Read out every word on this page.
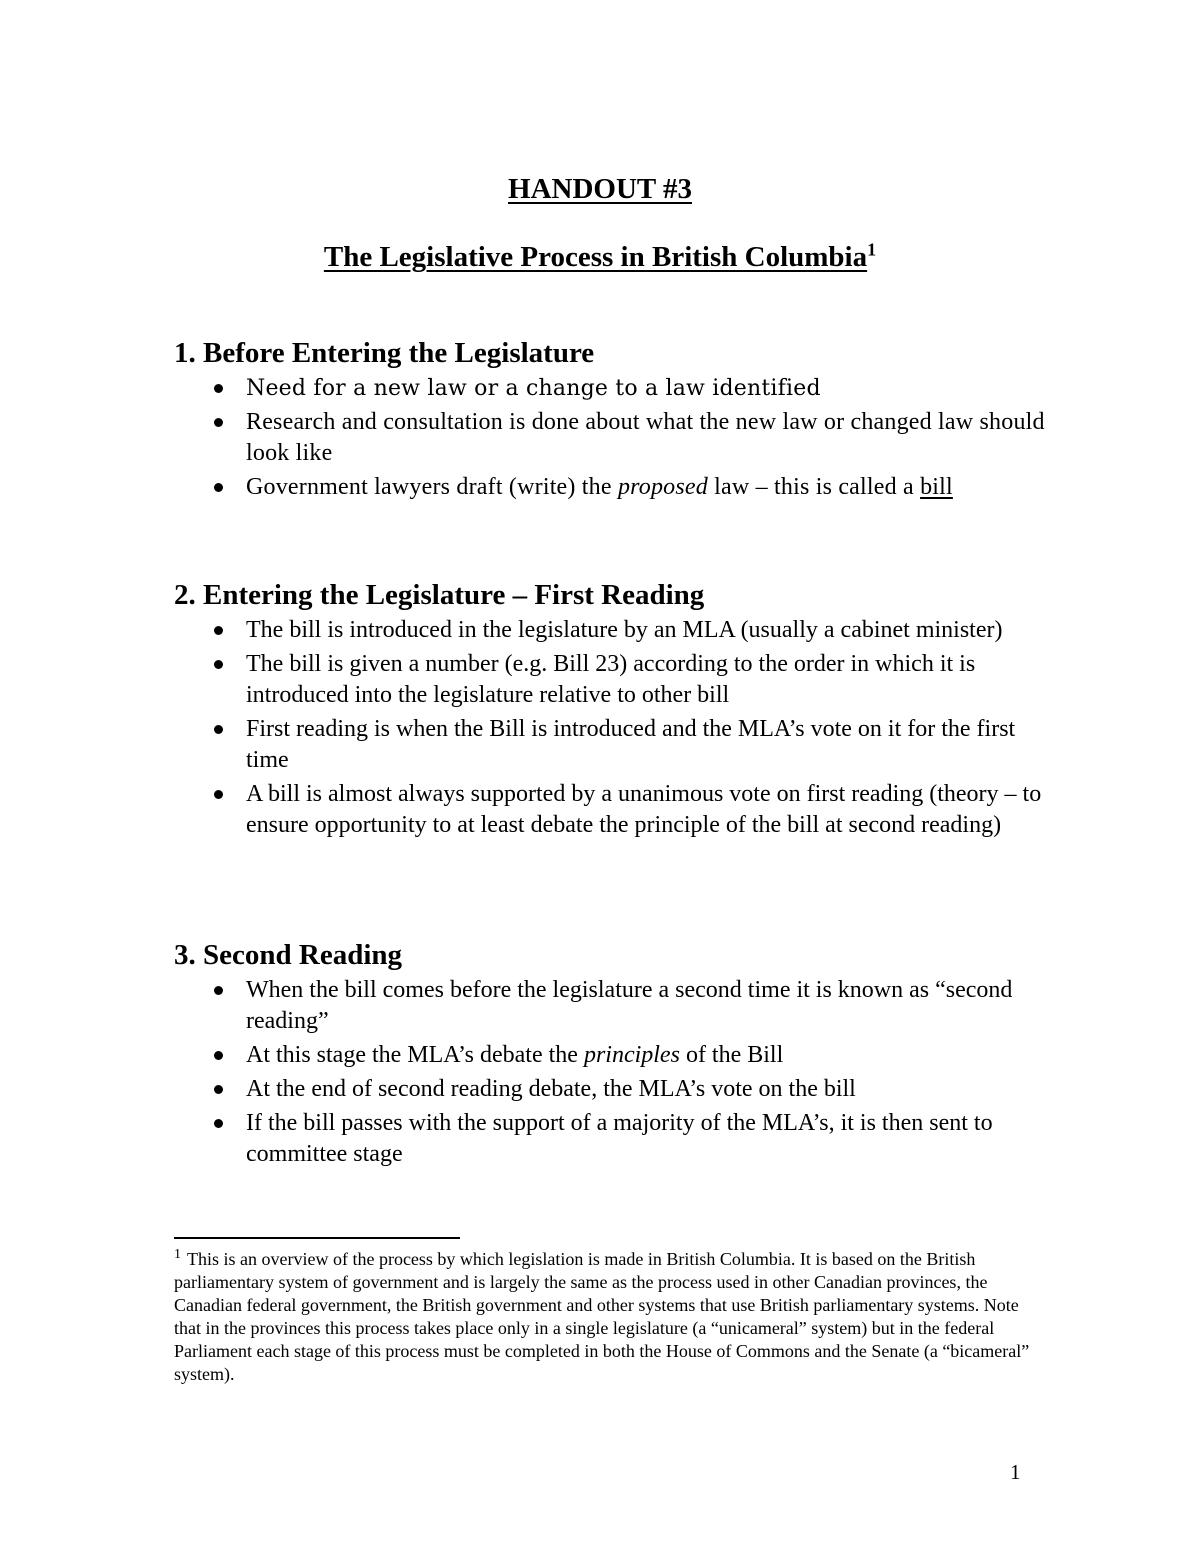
HANDOUT #3
The Legislative Process in British Columbia$^1$
1. Before Entering the Legislature
Need for a new law or a change to a law identified
Research and consultation is done about what the new law or changed law should look like
Government lawyers draft (write) the proposed law – this is called a bill
2. Entering the Legislature – First Reading
The bill is introduced in the legislature by an MLA (usually a cabinet minister)
The bill is given a number (e.g. Bill 23) according to the order in which it is introduced into the legislature relative to other bill
First reading is when the Bill is introduced and the MLA’s vote on it for the first time
A bill is almost always supported by a unanimous vote on first reading (theory – to ensure opportunity to at least debate the principle of the bill at second reading)
3. Second Reading
When the bill comes before the legislature a second time it is known as “second reading”
At this stage the MLA’s debate the principles of the Bill
At the end of second reading debate, the MLA’s vote on the bill
If the bill passes with the support of a majority of the MLA’s, it is then sent to committee stage
$^1$ This is an overview of the process by which legislation is made in British Columbia. It is based on the British parliamentary system of government and is largely the same as the process used in other Canadian provinces, the Canadian federal government, the British government and other systems that use British parliamentary systems. Note that in the provinces this process takes place only in a single legislature (a “unicameral” system) but in the federal Parliament each stage of this process must be completed in both the House of Commons and the Senate (a “bicameral” system).
1
